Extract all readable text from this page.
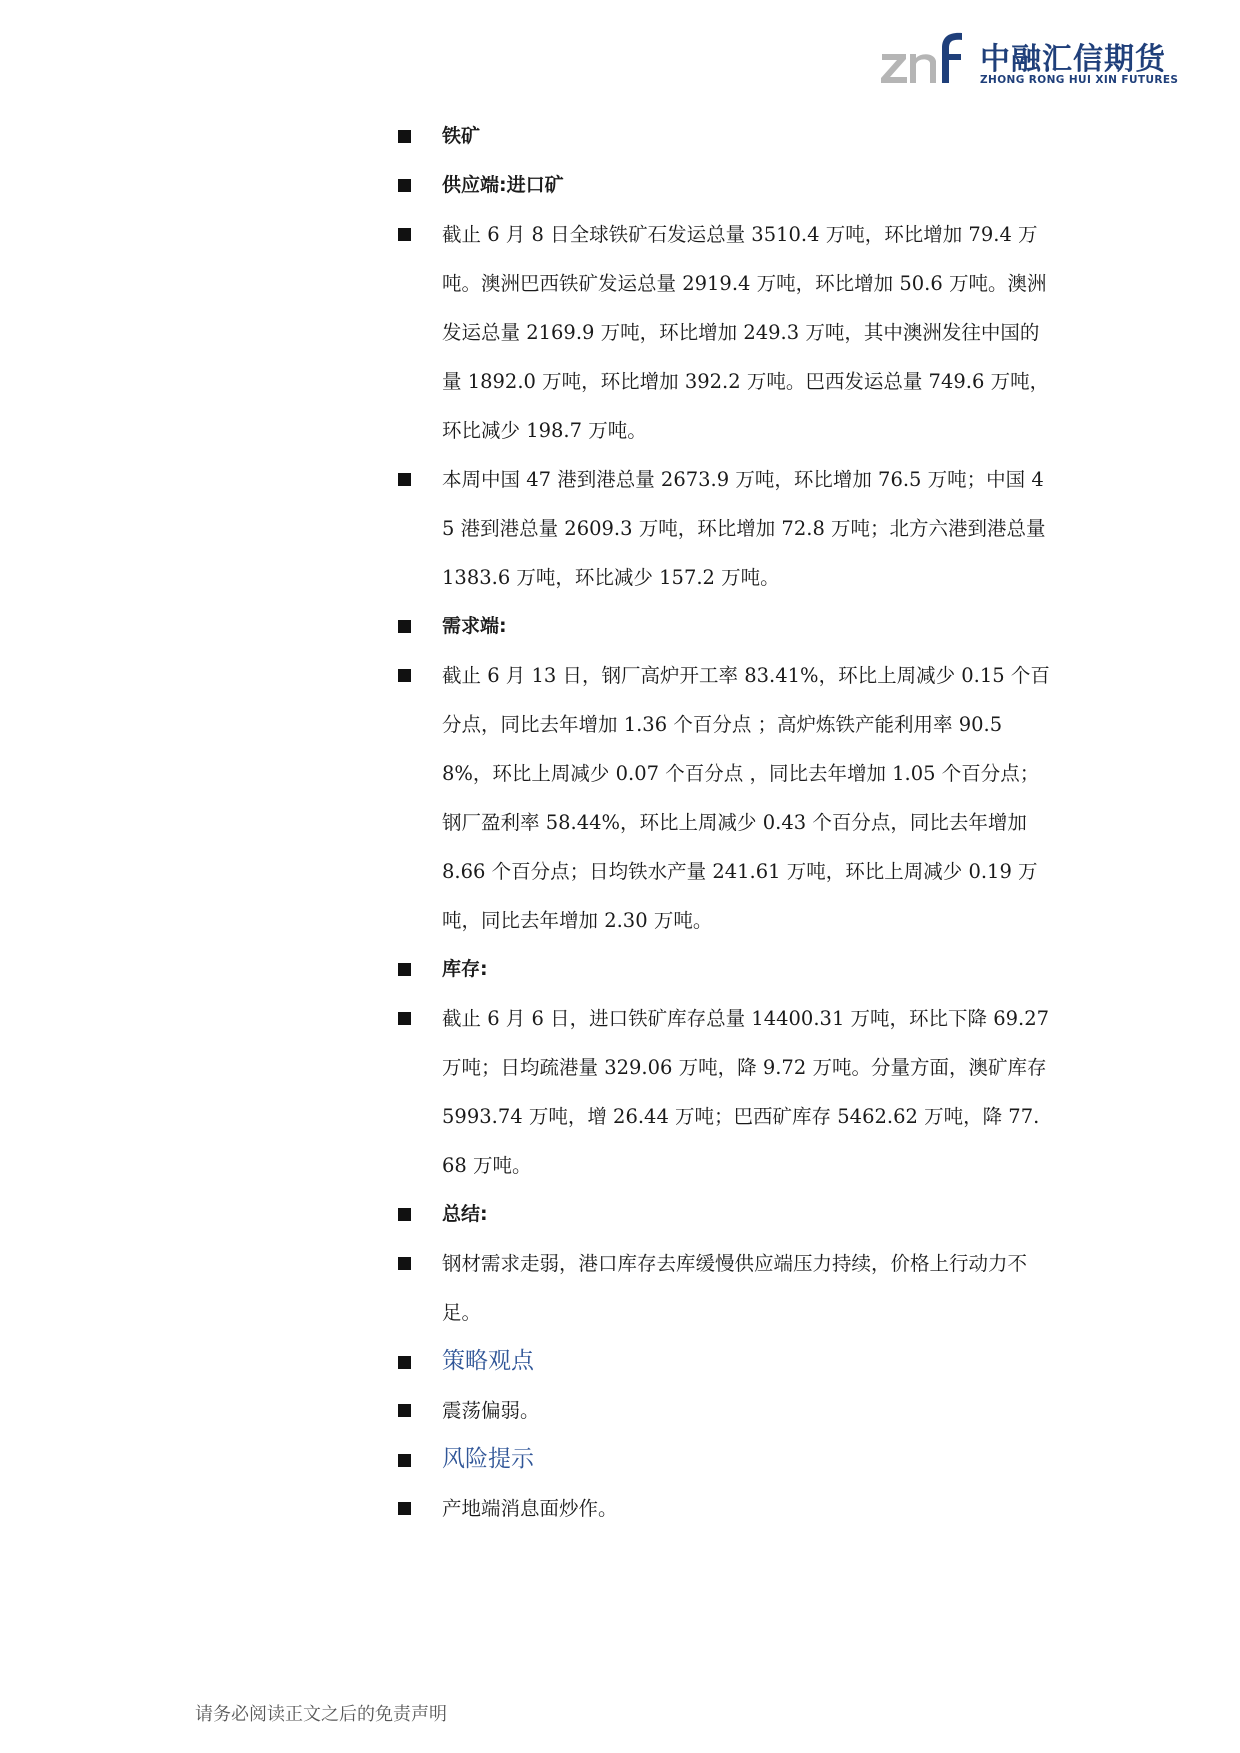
中融汇信期货
ZHONG RONG HUI XIN FUTURES
铁矿
供应端:进口矿
截止 6 月 8 日全球铁矿石发运总量 3510.4 万吨，环比增加 79.4 万吨。澳洲巴西铁矿发运总量 2919.4 万吨，环比增加 50.6 万吨。澳洲发运总量 2169.9 万吨，环比增加 249.3 万吨，其中澳洲发往中国的量 1892.0 万吨，环比增加 392.2 万吨。巴西发运总量 749.6 万吨，环比减少 198.7 万吨。
本周中国 47 港到港总量 2673.9 万吨，环比增加 76.5 万吨；中国 45 港到港总量 2609.3 万吨，环比增加 72.8 万吨；北方六港到港总量 1383.6 万吨，环比减少 157.2 万吨。
需求端:
截止 6 月 13 日，钢厂高炉开工率 83.41%，环比上周减少 0.15 个百分点，同比去年增加 1.36 个百分点 ；高炉炼铁产能利用率 90.58%，环比上周减少 0.07 个百分点 ，同比去年增加 1.05 个百分点；钢厂盈利率 58.44%，环比上周减少 0.43 个百分点，同比去年增加 8.66 个百分点；日均铁水产量 241.61 万吨，环比上周减少 0.19 万吨，同比去年增加 2.30 万吨。
库存:
截止 6 月 6 日，进口铁矿库存总量 14400.31 万吨，环比下降 69.27 万吨；日均疏港量 329.06 万吨，降 9.72 万吨。分量方面，澳矿库存 5993.74 万吨，增 26.44 万吨；巴西矿库存 5462.62 万吨，降 77.68 万吨。
总结:
钢材需求走弱，港口库存去库缓慢供应端压力持续，价格上行动力不足。
策略观点
震荡偏弱。
风险提示
产地端消息面炒作。
请务必阅读正文之后的免责声明
